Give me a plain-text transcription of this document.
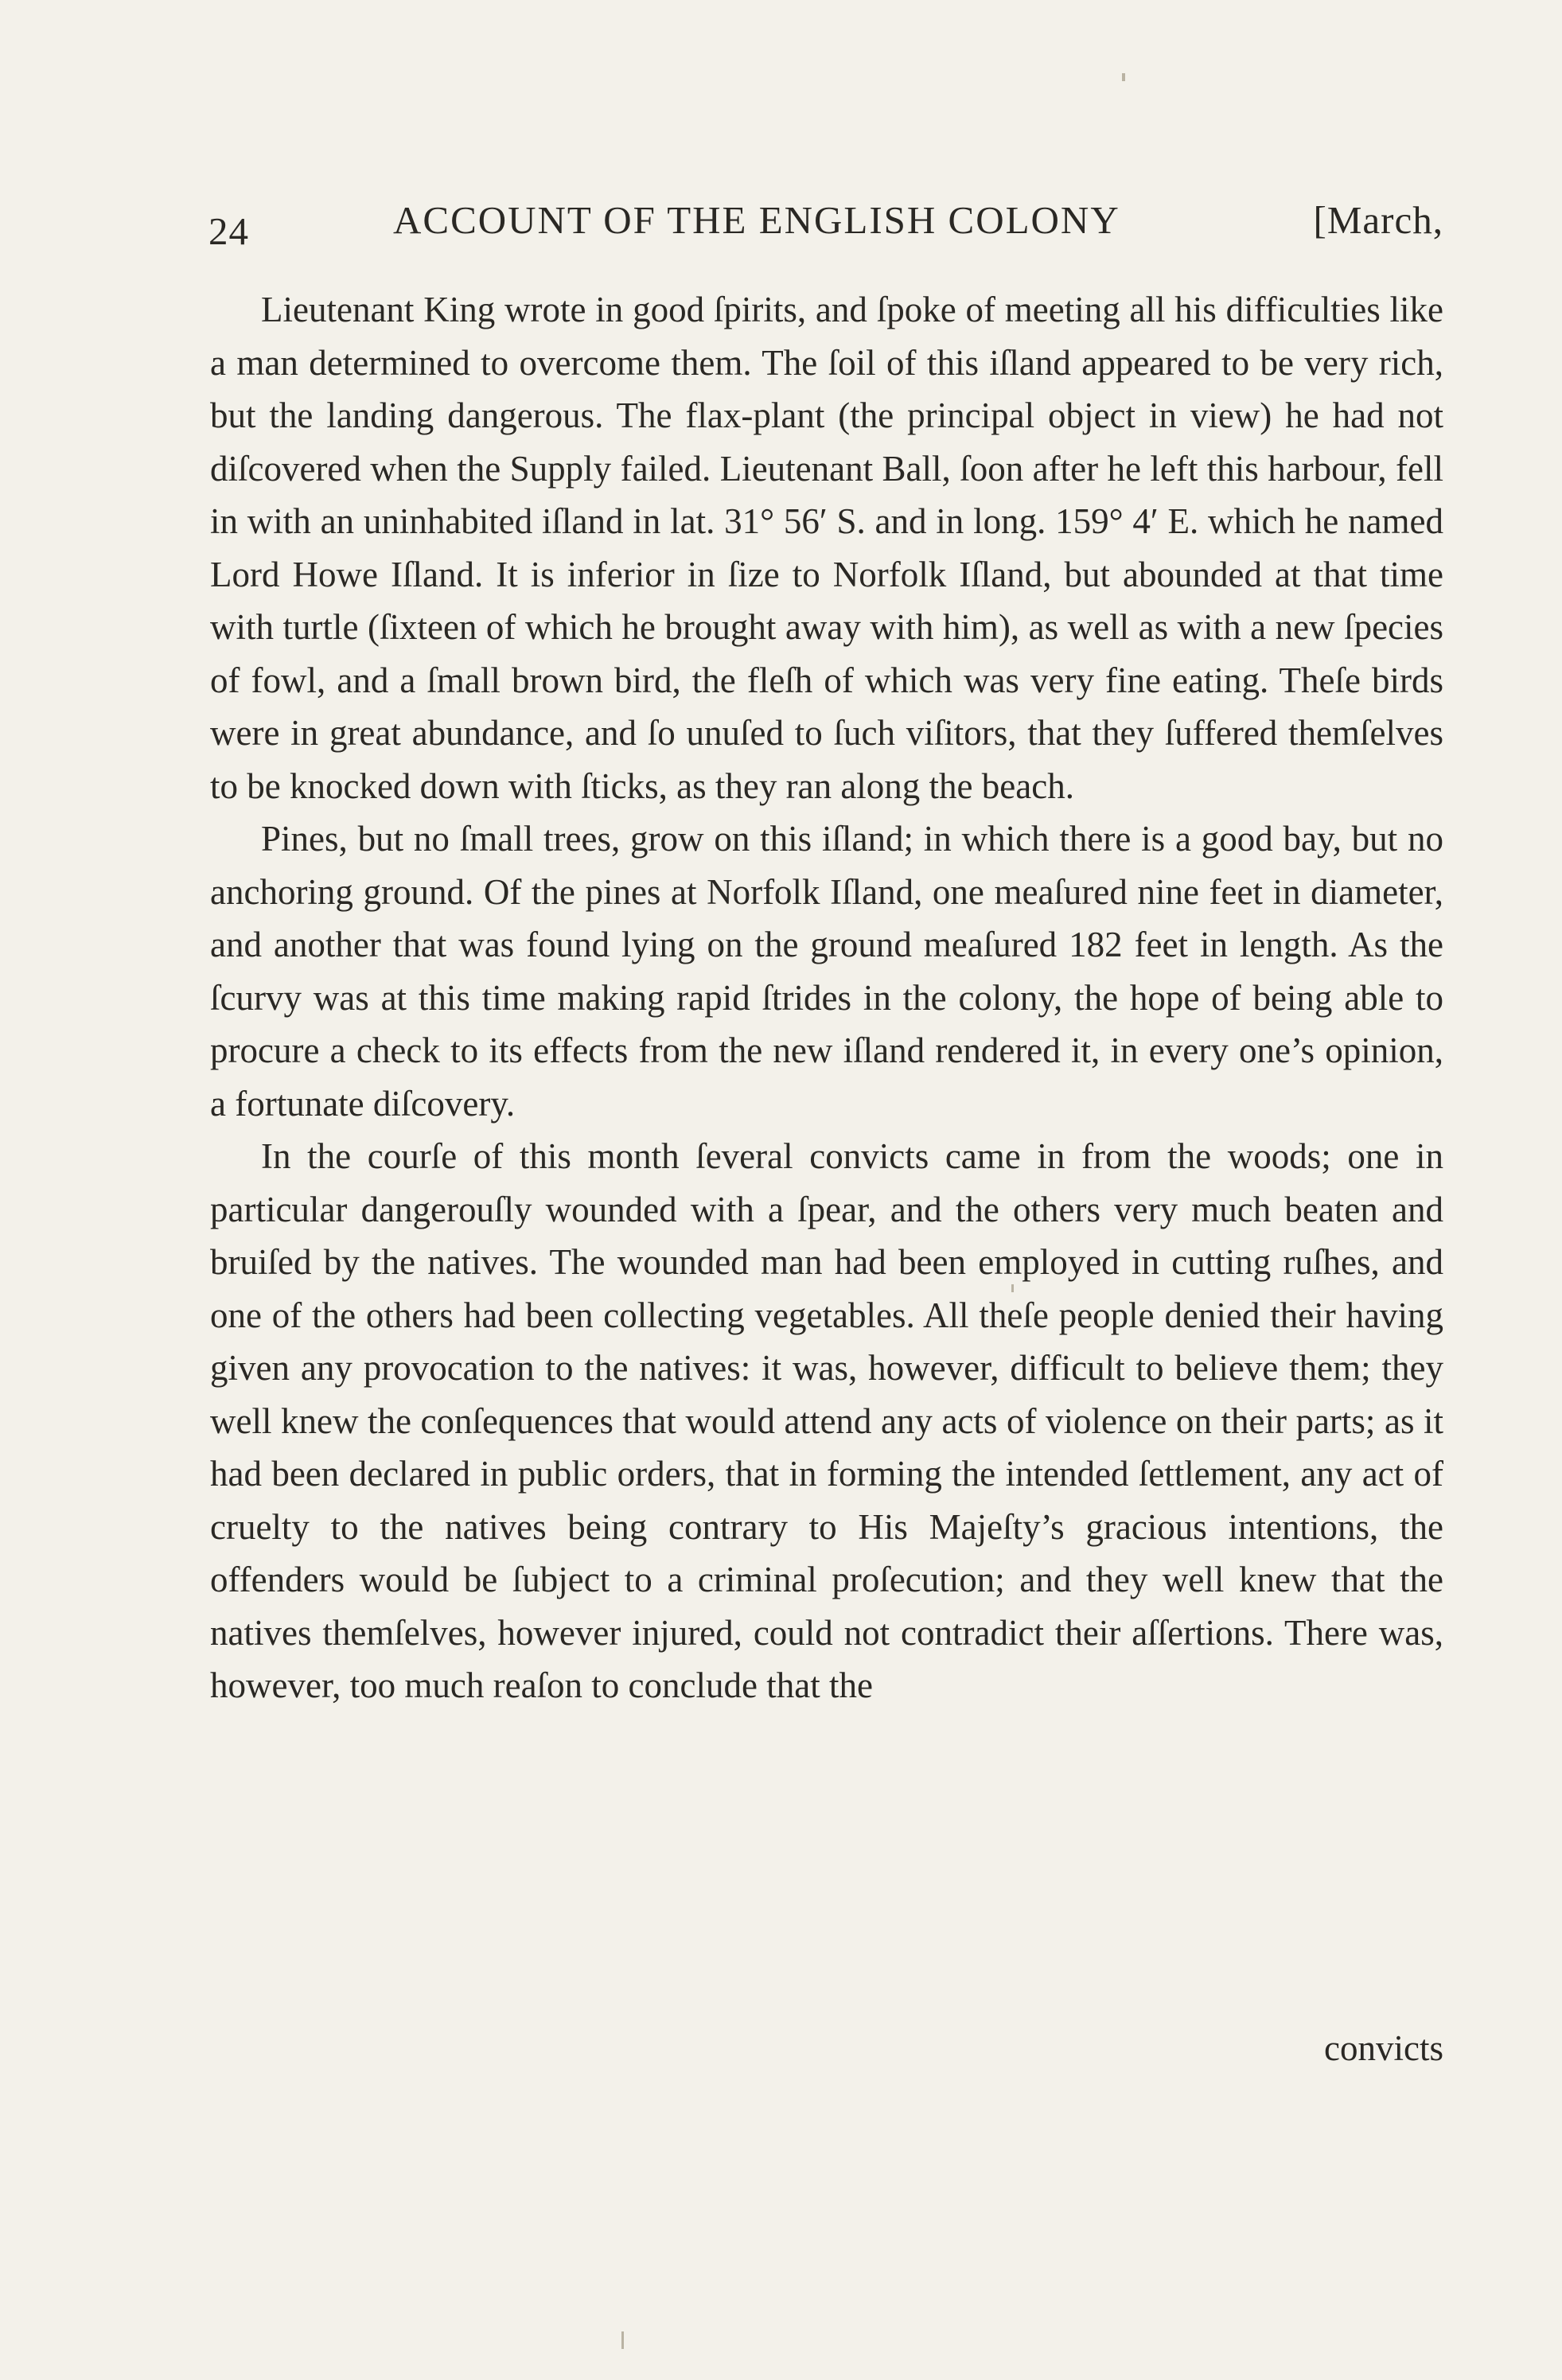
24	ACCOUNT OF THE ENGLISH COLONY	[March,

Lieutenant King wrote in good ſpirits, and ſpoke of meeting all his difficulties like a man determined to overcome them. The ſoil of this iſland appeared to be very rich, but the landing dangerous. The flax-plant (the principal object in view) he had not diſcovered when the Supply failed. Lieutenant Ball, ſoon after he left this harbour, fell in with an uninhabited iſland in lat. 31° 56′ S. and in long. 159° 4′ E. which he named Lord Howe Iſland. It is inferior in ſize to Norfolk Iſland, but abounded at that time with turtle (ſixteen of which he brought away with him), as well as with a new ſpecies of fowl, and a ſmall brown bird, the fleſh of which was very fine eating. Theſe birds were in great abundance, and ſo unuſed to ſuch viſitors, that they ſuffered themſelves to be knocked down with ſticks, as they ran along the beach.

Pines, but no ſmall trees, grow on this iſland; in which there is a good bay, but no anchoring ground. Of the pines at Norfolk Iſland, one meaſured nine feet in diameter, and another that was found lying on the ground meaſured 182 feet in length. As the ſcurvy was at this time making rapid ſtrides in the colony, the hope of being able to procure a check to its effects from the new iſland rendered it, in every one’s opinion, a fortunate diſcovery.

In the courſe of this month ſeveral convicts came in from the woods; one in particular dangerouſly wounded with a ſpear, and the others very much beaten and bruiſed by the natives. The wounded man had been employed in cutting ruſhes, and one of the others had been collecting vegetables. All theſe people denied their having given any provocation to the natives: it was, however, difficult to believe them; they well knew the conſequences that would attend any acts of violence on their parts; as it had been declared in public orders, that in forming the intended ſettlement, any act of cruelty to the natives being contrary to His Majeſty’s gracious intentions, the offenders would be ſubject to a criminal proſecution; and they well knew that the natives themſelves, however injured, could not contradict their aſſertions. There was, however, too much reaſon to conclude that the

convicts
